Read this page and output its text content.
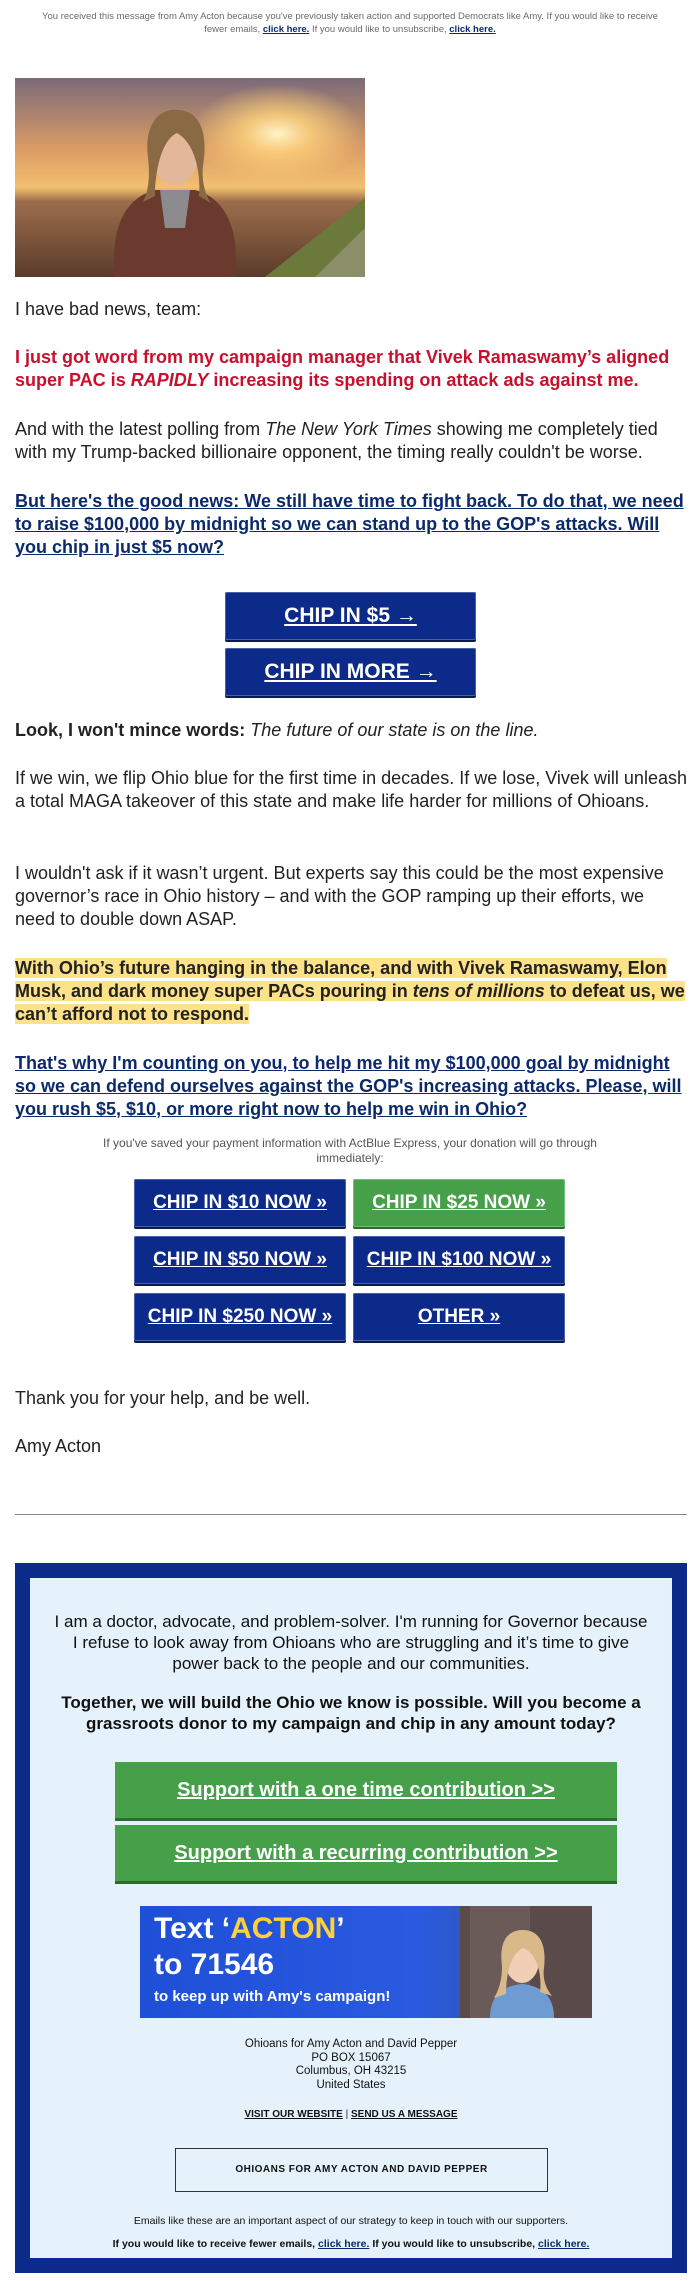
You received this message from Amy Acton because you've previously taken action and supported Democrats like Amy. If you would like to receive fewer emails, click here. If you would like to unsubscribe, click here.

I have bad news, team:

I just got word from my campaign manager that Vivek Ramaswamy’s aligned super PAC is RAPIDLY increasing its spending on attack ads against me.

And with the latest polling from The New York Times showing me completely tied with my Trump-backed billionaire opponent, the timing really couldn't be worse.

But here's the good news: We still have time to fight back. To do that, we need to raise $100,000 by midnight so we can stand up to the GOP's attacks. Will you chip in just $5 now?
CHIP IN $5 →
CHIP IN MORE →

Look, I won't mince words: The future of our state is on the line.

If we win, we flip Ohio blue for the first time in decades. If we lose, Vivek will unleash a total MAGA takeover of this state and make life harder for millions of Ohioans.

I wouldn't ask if it wasn’t urgent. But experts say this could be the most expensive governor’s race in Ohio history – and with the GOP ramping up their efforts, we need to double down ASAP.

With Ohio’s future hanging in the balance, and with Vivek Ramaswamy, Elon Musk, and dark money super PACs pouring in tens of millions to defeat us, we can’t afford not to respond.

That's why I'm counting on you, to help me hit my $100,000 goal by midnight so we can defend ourselves against the GOP's increasing attacks. Please, will you rush $5, $10, or more right now to help me win in Ohio?

If you've saved your payment information with ActBlue Express, your donation will go through immediately:

CHIP IN $10 NOW »	CHIP IN $25 NOW »
CHIP IN $50 NOW »	CHIP IN $100 NOW »
CHIP IN $250 NOW »	OTHER »

Thank you for your help, and be well.

Amy Acton

I am a doctor, advocate, and problem-solver. I'm running for Governor because I refuse to look away from Ohioans who are struggling and it’s time to give power back to the people and our communities.

Together, we will build the Ohio we know is possible. Will you become a grassroots donor to my campaign and chip in any amount today?

Support with a one time contribution >>
Support with a recurring contribution >>
Text ‘ACTON’
to 71546
to keep up with Amy's campaign!
Ohioans for Amy Acton and David Pepper
PO BOX 15067
Columbus, OH 43215
United States
VISIT OUR WEBSITE | SEND US A MESSAGE
OHIOANS FOR AMY ACTON AND DAVID PEPPER

Emails like these are an important aspect of our strategy to keep in touch with our supporters.

If you would like to receive fewer emails, click here. If you would like to unsubscribe, click here.
